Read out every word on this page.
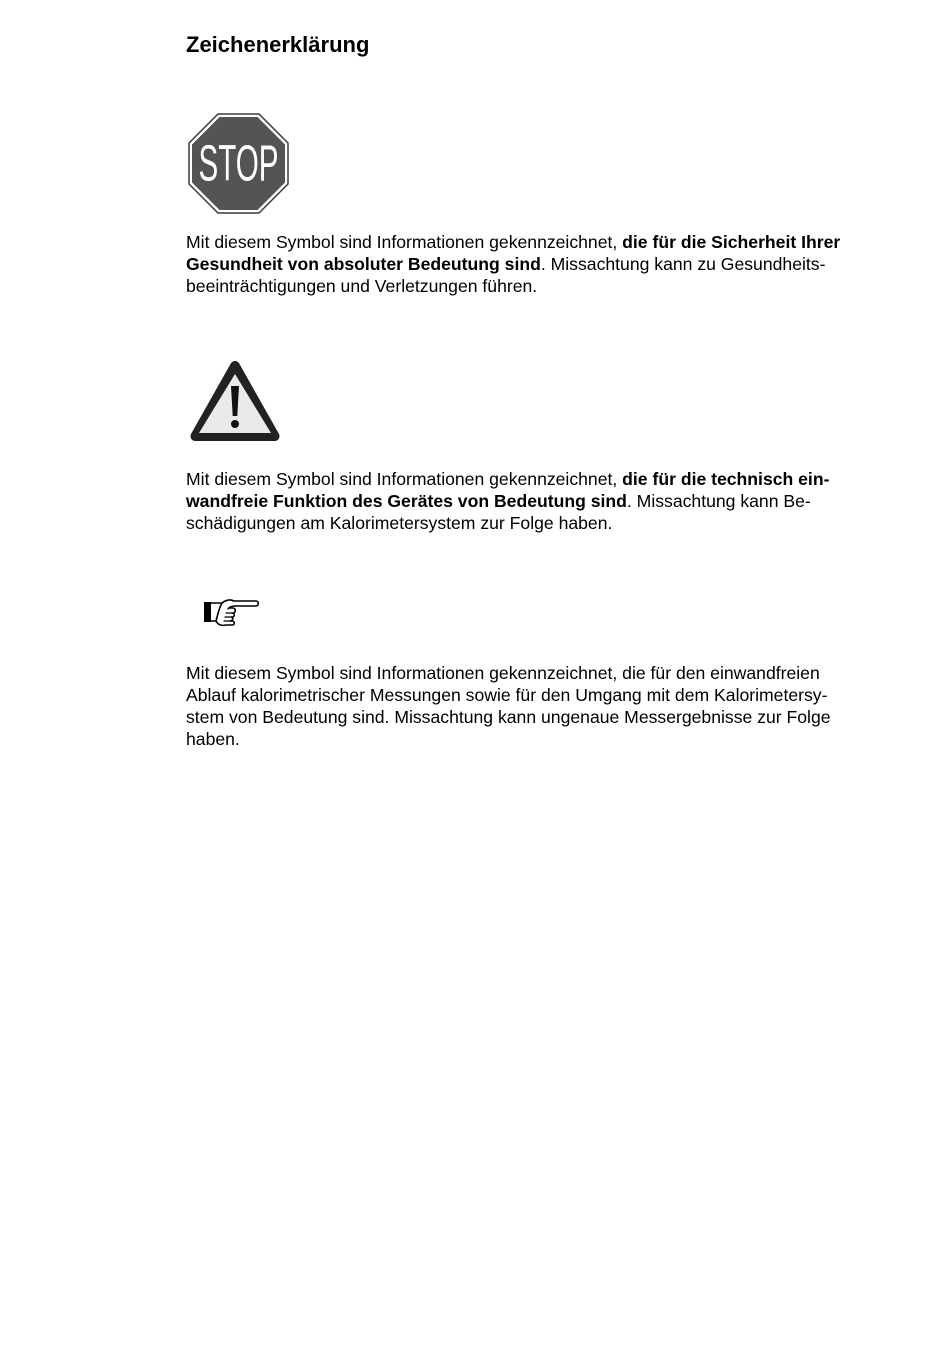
Zeichenerklärung
STOP

Mit diesem Symbol sind Informationen gekennzeichnet, die für die Sicherheit Ihrer
Gesundheit von absoluter Bedeutung sind. Missachtung kann zu Gesundheits-
beeinträchtigungen und Verletzungen führen.

Mit diesem Symbol sind Informationen gekennzeichnet, die für die technisch ein-
wandfreie Funktion des Gerätes von Bedeutung sind. Missachtung kann Be-
schädigungen am Kalorimetersystem zur Folge haben.

Mit diesem Symbol sind Informationen gekennzeichnet, die für den einwandfreien
Ablauf kalorimetrischer Messungen sowie für den Umgang mit dem Kalorimetersy-
stem von Bedeutung sind. Missachtung kann ungenaue Messergebnisse zur Folge
haben.
